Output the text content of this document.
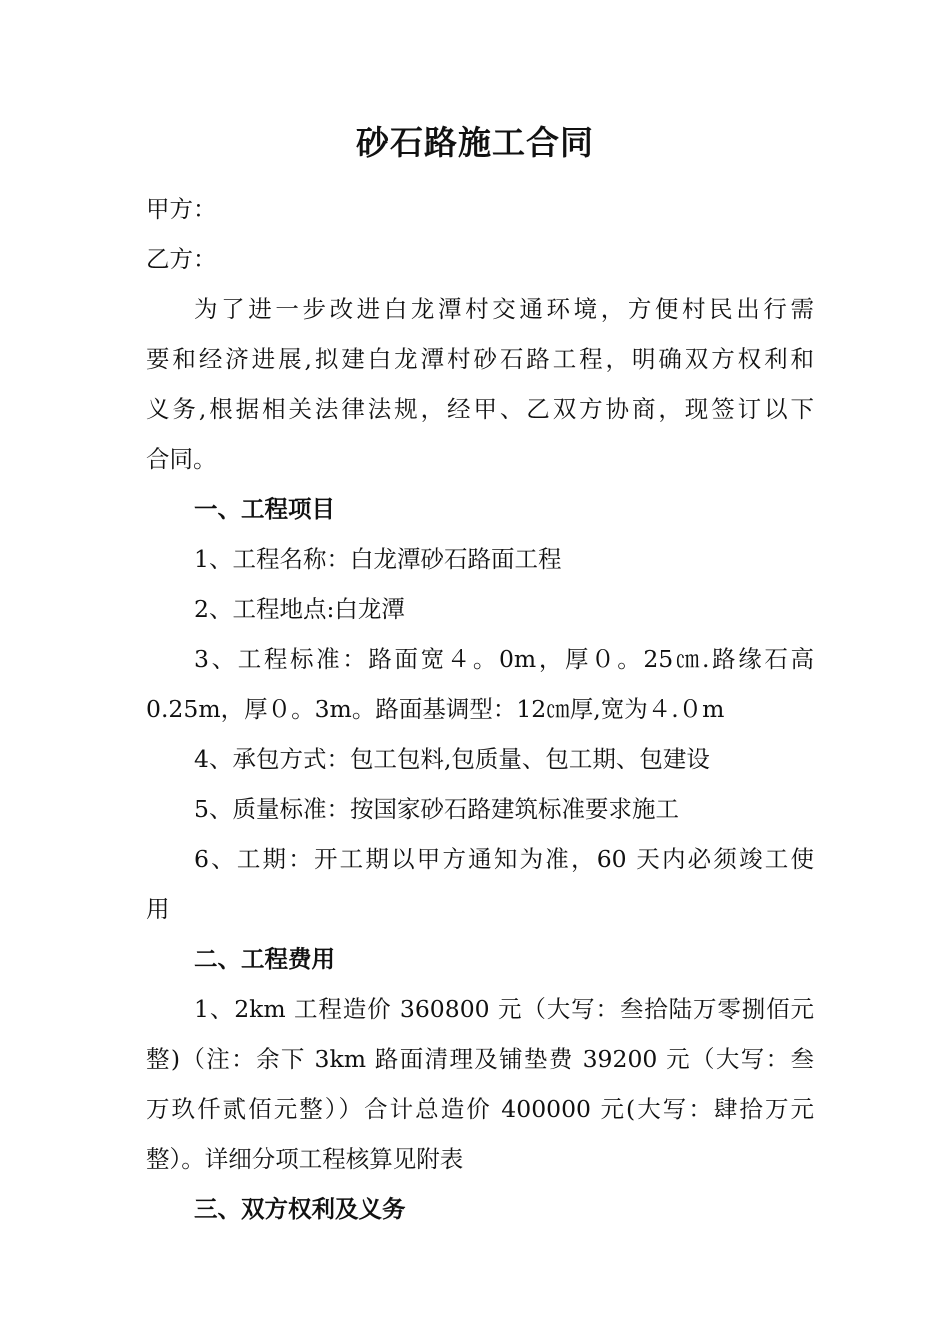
砂石路施工合同
甲方：
乙方：
为了进一步改进白龙潭村交通环境，方便村民出行需
要和经济进展,拟建白龙潭村砂石路工程，明确双方权利和
义务,根据相关法律法规，经甲、乙双方协商，现签订以下
合同。
一、工程项目
1、工程名称：白龙潭砂石路面工程
2、工程地点:白龙潭
3、工程标准：路面宽４。0m，厚０。25㎝.路缘石高
0.25m，厚０。3m。路面基调型：12㎝厚,宽为４.０m
4、承包方式：包工包料,包质量、包工期、包建设
5、质量标准：按国家砂石路建筑标准要求施工
6、工期：开工期以甲方通知为准，60 天内必须竣工使
用
二、工程费用
1、2km 工程造价 360800 元（大写：叁拾陆万零捌佰元
整)（注：余下 3km 路面清理及铺垫费 39200 元（大写：叁
万玖仟贰佰元整））合计总造价 400000 元(大写：肆拾万元
整）。详细分项工程核算见附表
三、双方权利及义务
